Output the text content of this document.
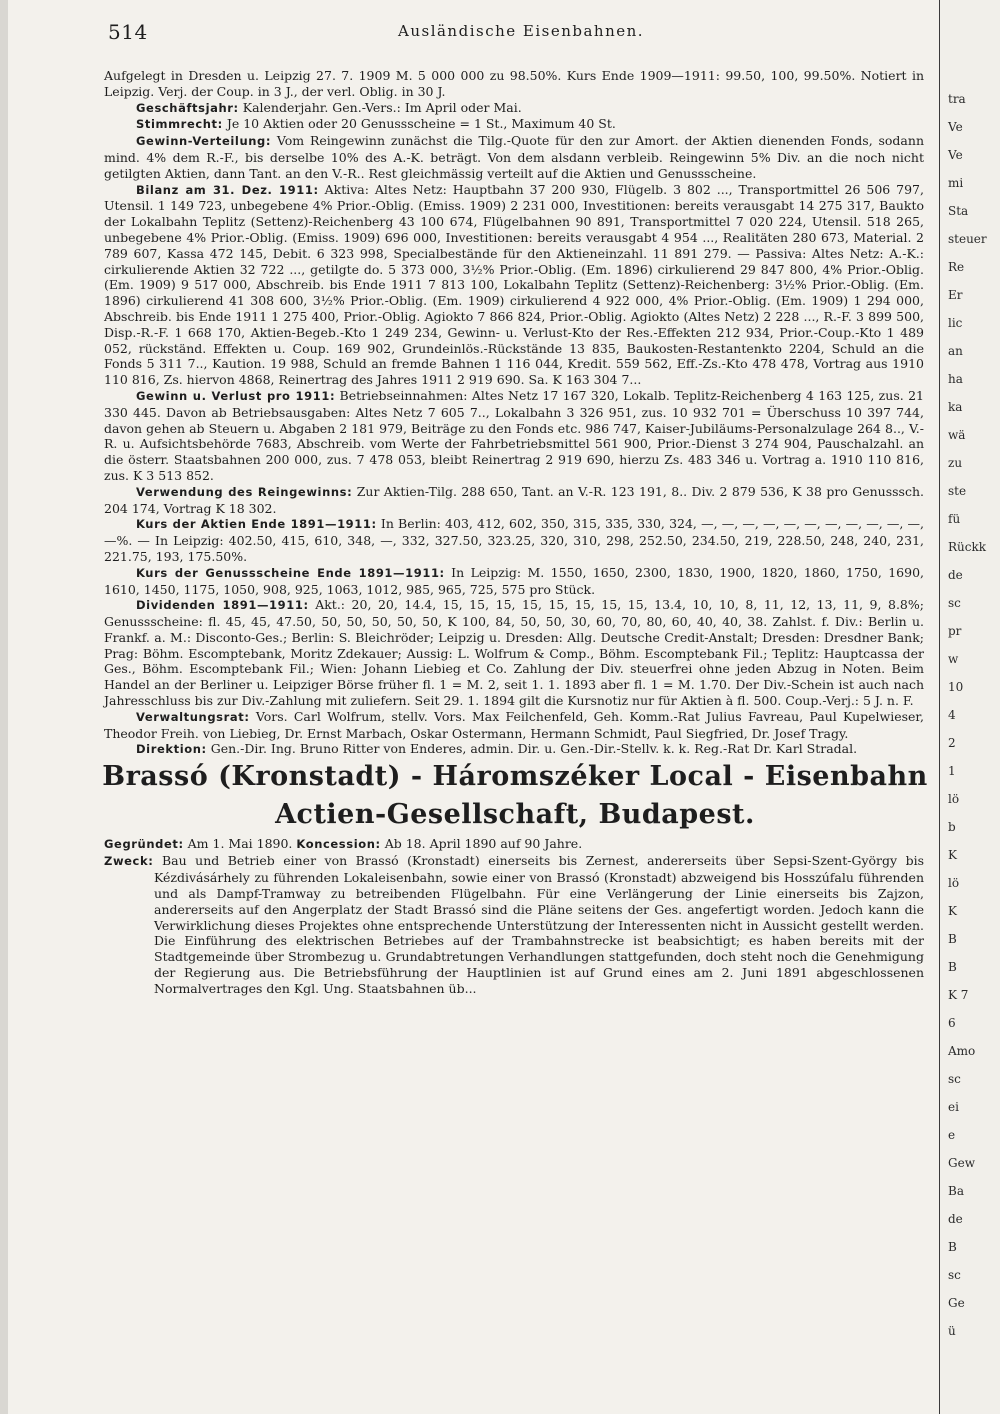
514	Ausländische Eisenbahnen.

Aufgelegt in Dresden u. Leipzig 27. 7. 1909 M. 5 000 000 zu 98.50%. Kurs Ende 1909—1911: 99.50, 100, 99.50%. Notiert in Leipzig. Verj. der Coup. in 3 J., der verl. Oblig. in 30 J.

Geschäftsjahr: Kalenderjahr. Gen.-Vers.: Im April oder Mai.

Stimmrecht: Je 10 Aktien oder 20 Genussscheine = 1 St., Maximum 40 St.

Gewinn-Verteilung: Vom Reingewinn zunächst die Tilg.-Quote für den zur Amort. der Aktien dienenden Fonds, sodann mind. 4% dem R.-F., bis derselbe 10% des A.-K. beträgt. Von dem alsdann verbleib. Reingewinn 5% Div. an die noch nicht getilgten Aktien, dann Tant. an den V.-R.. Rest gleichmässig verteilt auf die Aktien und Genussscheine.

Bilanz am 31. Dez. 1911: Aktiva: Altes Netz: Hauptbahn 37 200 930, Flügelb. 3 802 ..., Transportmittel 26 506 797, Utensil. 1 149 723, unbegebene 4% Prior.-Oblig. (Emiss. 1909) 2 231 000, Investitionen: bereits verausgabt 14 275 317, Baukto der Lokalbahn Teplitz (Settenz)-Reichenberg 43 100 674, Flügelbahnen 90 891, Transportmittel 7 020 224, Utensil. 518 265, unbegebene 4% Prior.-Oblig. (Emiss. 1909) 696 000, Investitionen: bereits verausgabt 4 954 ..., Realitäten 280 673, Material. 2 789 607, Kassa 472 145, Debit. 6 323 998, Specialbestände für den Aktieneinzahl. 11 891 279. — Passiva: Altes Netz: A.-K.: cirkulierende Aktien 32 722 ..., getilgte do. 5 373 000, 3½% Prior.-Oblig. (Em. 1896) cirkulierend 29 847 800, 4% Prior.-Oblig. (Em. 1909) 9 517 000, Abschreib. bis Ende 1911 7 813 100, Lokalbahn Teplitz (Settenz)-Reichenberg: 3½% Prior.-Oblig. (Em. 1896) cirkulierend 41 308 600, 3½% Prior.-Oblig. (Em. 1909) cirkulierend 4 922 000, 4% Prior.-Oblig. (Em. 1909) 1 294 000, Abschreib. bis Ende 1911 1 275 400, Prior.-Oblig. Agiokto 7 866 824, Prior.-Oblig. Agiokto (Altes Netz) 2 228 ..., R.-F. 3 899 500, Disp.-R.-F. 1 668 170, Aktien-Begeb.-Kto 1 249 234, Gewinn- u. Verlust-Kto der Res.-Effekten 212 934, Prior.-Coup.-Kto 1 489 052, rückständ. Effekten u. Coup. 169 902, Grundeinlös.-Rückstände 13 835, Baukosten-Restantenkto 2204, Schuld an die Fonds 5 311 7.., Kaution. 19 988, Schuld an fremde Bahnen 1 116 044, Kredit. 559 562, Eff.-Zs.-Kto 478 478, Vortrag aus 1910 110 816, Zs. hiervon 4868, Reinertrag des Jahres 1911 2 919 690. Sa. K 163 304 7...

Gewinn u. Verlust pro 1911: Betriebseinnahmen: Altes Netz 17 167 320, Lokalb. Teplitz-Reichenberg 4 163 125, zus. 21 330 445. Davon ab Betriebsausgaben: Altes Netz 7 605 7.., Lokalbahn 3 326 951, zus. 10 932 701 = Überschuss 10 397 744, davon gehen ab Steuern u. Abgaben 2 181 979, Beiträge zu den Fonds etc. 986 747, Kaiser-Jubiläums-Personalzulage 264 8.., V.-R. u. Aufsichtsbehörde 7683, Abschreib. vom Werte der Fahrbetriebsmittel 561 900, Prior.-Dienst 3 274 904, Pauschalzahl. an die österr. Staatsbahnen 200 000, zus. 7 478 053, bleibt Reinertrag 2 919 690, hierzu Zs. 483 346 u. Vortrag a. 1910 110 816, zus. K 3 513 852.

Verwendung des Reingewinns: Zur Aktien-Tilg. 288 650, Tant. an V.-R. 123 191, 8.. Div. 2 879 536, K 38 pro Genusssch. 204 174, Vortrag K 18 302.

Kurs der Aktien Ende 1891—1911: In Berlin: 403, 412, 602, 350, 315, 335, 330, 324, —, —, —, —, —, —, —, —, —, —, —, —%. — In Leipzig: 402.50, 415, 610, 348, —, 332, 327.50, 323.25, 320, 310, 298, 252.50, 234.50, 219, 228.50, 248, 240, 231, 221.75, 193, 175.50%.

Kurs der Genussscheine Ende 1891—1911: In Leipzig: M. 1550, 1650, 2300, 1830, 1900, 1820, 1860, 1750, 1690, 1610, 1450, 1175, 1050, 908, 925, 1063, 1012, 985, 965, 725, 575 pro Stück.

Dividenden 1891—1911: Akt.: 20, 20, 14.4, 15, 15, 15, 15, 15, 15, 15, 15, 13.4, 10, 10, 8, 11, 12, 13, 11, 9, 8.8%; Genussscheine: fl. 45, 45, 47.50, 50, 50, 50, 50, 50, K 100, 84, 50, 50, 30, 60, 70, 80, 60, 40, 40, 38. Zahlst. f. Div.: Berlin u. Frankf. a. M.: Disconto-Ges.; Berlin: S. Bleichröder; Leipzig u. Dresden: Allg. Deutsche Credit-Anstalt; Dresden: Dresdner Bank; Prag: Böhm. Escomptebank, Moritz Zdekauer; Aussig: L. Wolfrum & Comp., Böhm. Escomptebank Fil.; Teplitz: Hauptcassa der Ges., Böhm. Escomptebank Fil.; Wien: Johann Liebieg et Co. Zahlung der Div. steuerfrei ohne jeden Abzug in Noten. Beim Handel an der Berliner u. Leipziger Börse früher fl. 1 = M. 2, seit 1. 1. 1893 aber fl. 1 = M. 1.70. Der Div.-Schein ist auch nach Jahresschluss bis zur Div.-Zahlung mit zuliefern. Seit 29. 1. 1894 gilt die Kursnotiz nur für Aktien à fl. 500. Coup.-Verj.: 5 J. n. F.

Verwaltungsrat: Vors. Carl Wolfrum, stellv. Vors. Max Feilchenfeld, Geh. Komm.-Rat Julius Favreau, Paul Kupelwieser, Theodor Freih. von Liebieg, Dr. Ernst Marbach, Oskar Ostermann, Hermann Schmidt, Paul Siegfried, Dr. Josef Tragy.

Direktion: Gen.-Dir. Ing. Bruno Ritter von Enderes, admin. Dir. u. Gen.-Dir.-Stellv. k. k. Reg.-Rat Dr. Karl Stradal.

Brassó (Kronstadt) - Háromszéker Local - Eisenbahn
Actien-Gesellschaft, Budapest.

Gegründet: Am 1. Mai 1890. Koncession: Ab 18. April 1890 auf 90 Jahre.

Zweck: Bau und Betrieb einer von Brassó (Kronstadt) einerseits bis Zernest, andererseits über Sepsi-Szent-György bis Kézdivásárhely zu führenden Lokaleisenbahn, sowie einer von Brassó (Kronstadt) abzweigend bis Hosszúfalu führenden und als Dampf-Tramway zu betreibenden Flügelbahn. Für eine Verlängerung der Linie einerseits bis Zajzon, andererseits auf den Angerplatz der Stadt Brassó sind die Pläne seitens der Ges. angefertigt worden. Jedoch kann die Verwirklichung dieses Projektes ohne entsprechende Unterstützung der Interessenten nicht in Aussicht gestellt werden. Die Einführung des elektrischen Betriebes auf der Trambahnstrecke ist beabsichtigt; es haben bereits mit der Stadtgemeinde über Strombezug u. Grundabtretungen Verhandlungen stattgefunden, doch steht noch die Genehmigung der Regierung aus. Die Betriebsführung der Hauptlinien ist auf Grund eines am 2. Juni 1891 abgeschlossenen Normalvertrages den Kgl. Ung. Staatsbahnen üb...

tra
Ve
Ve
mi
Sta
steuer
Re
Er
lic
an
ha
ka
wä
zu
ste
fü
Rückk
de
sc
pr
w
10
4
2
1
lö
b
K
lö
K
B
B
K 7
6
Amo
sc
ei
e
Gew
Ba
de
B
sc
Ge
ü
